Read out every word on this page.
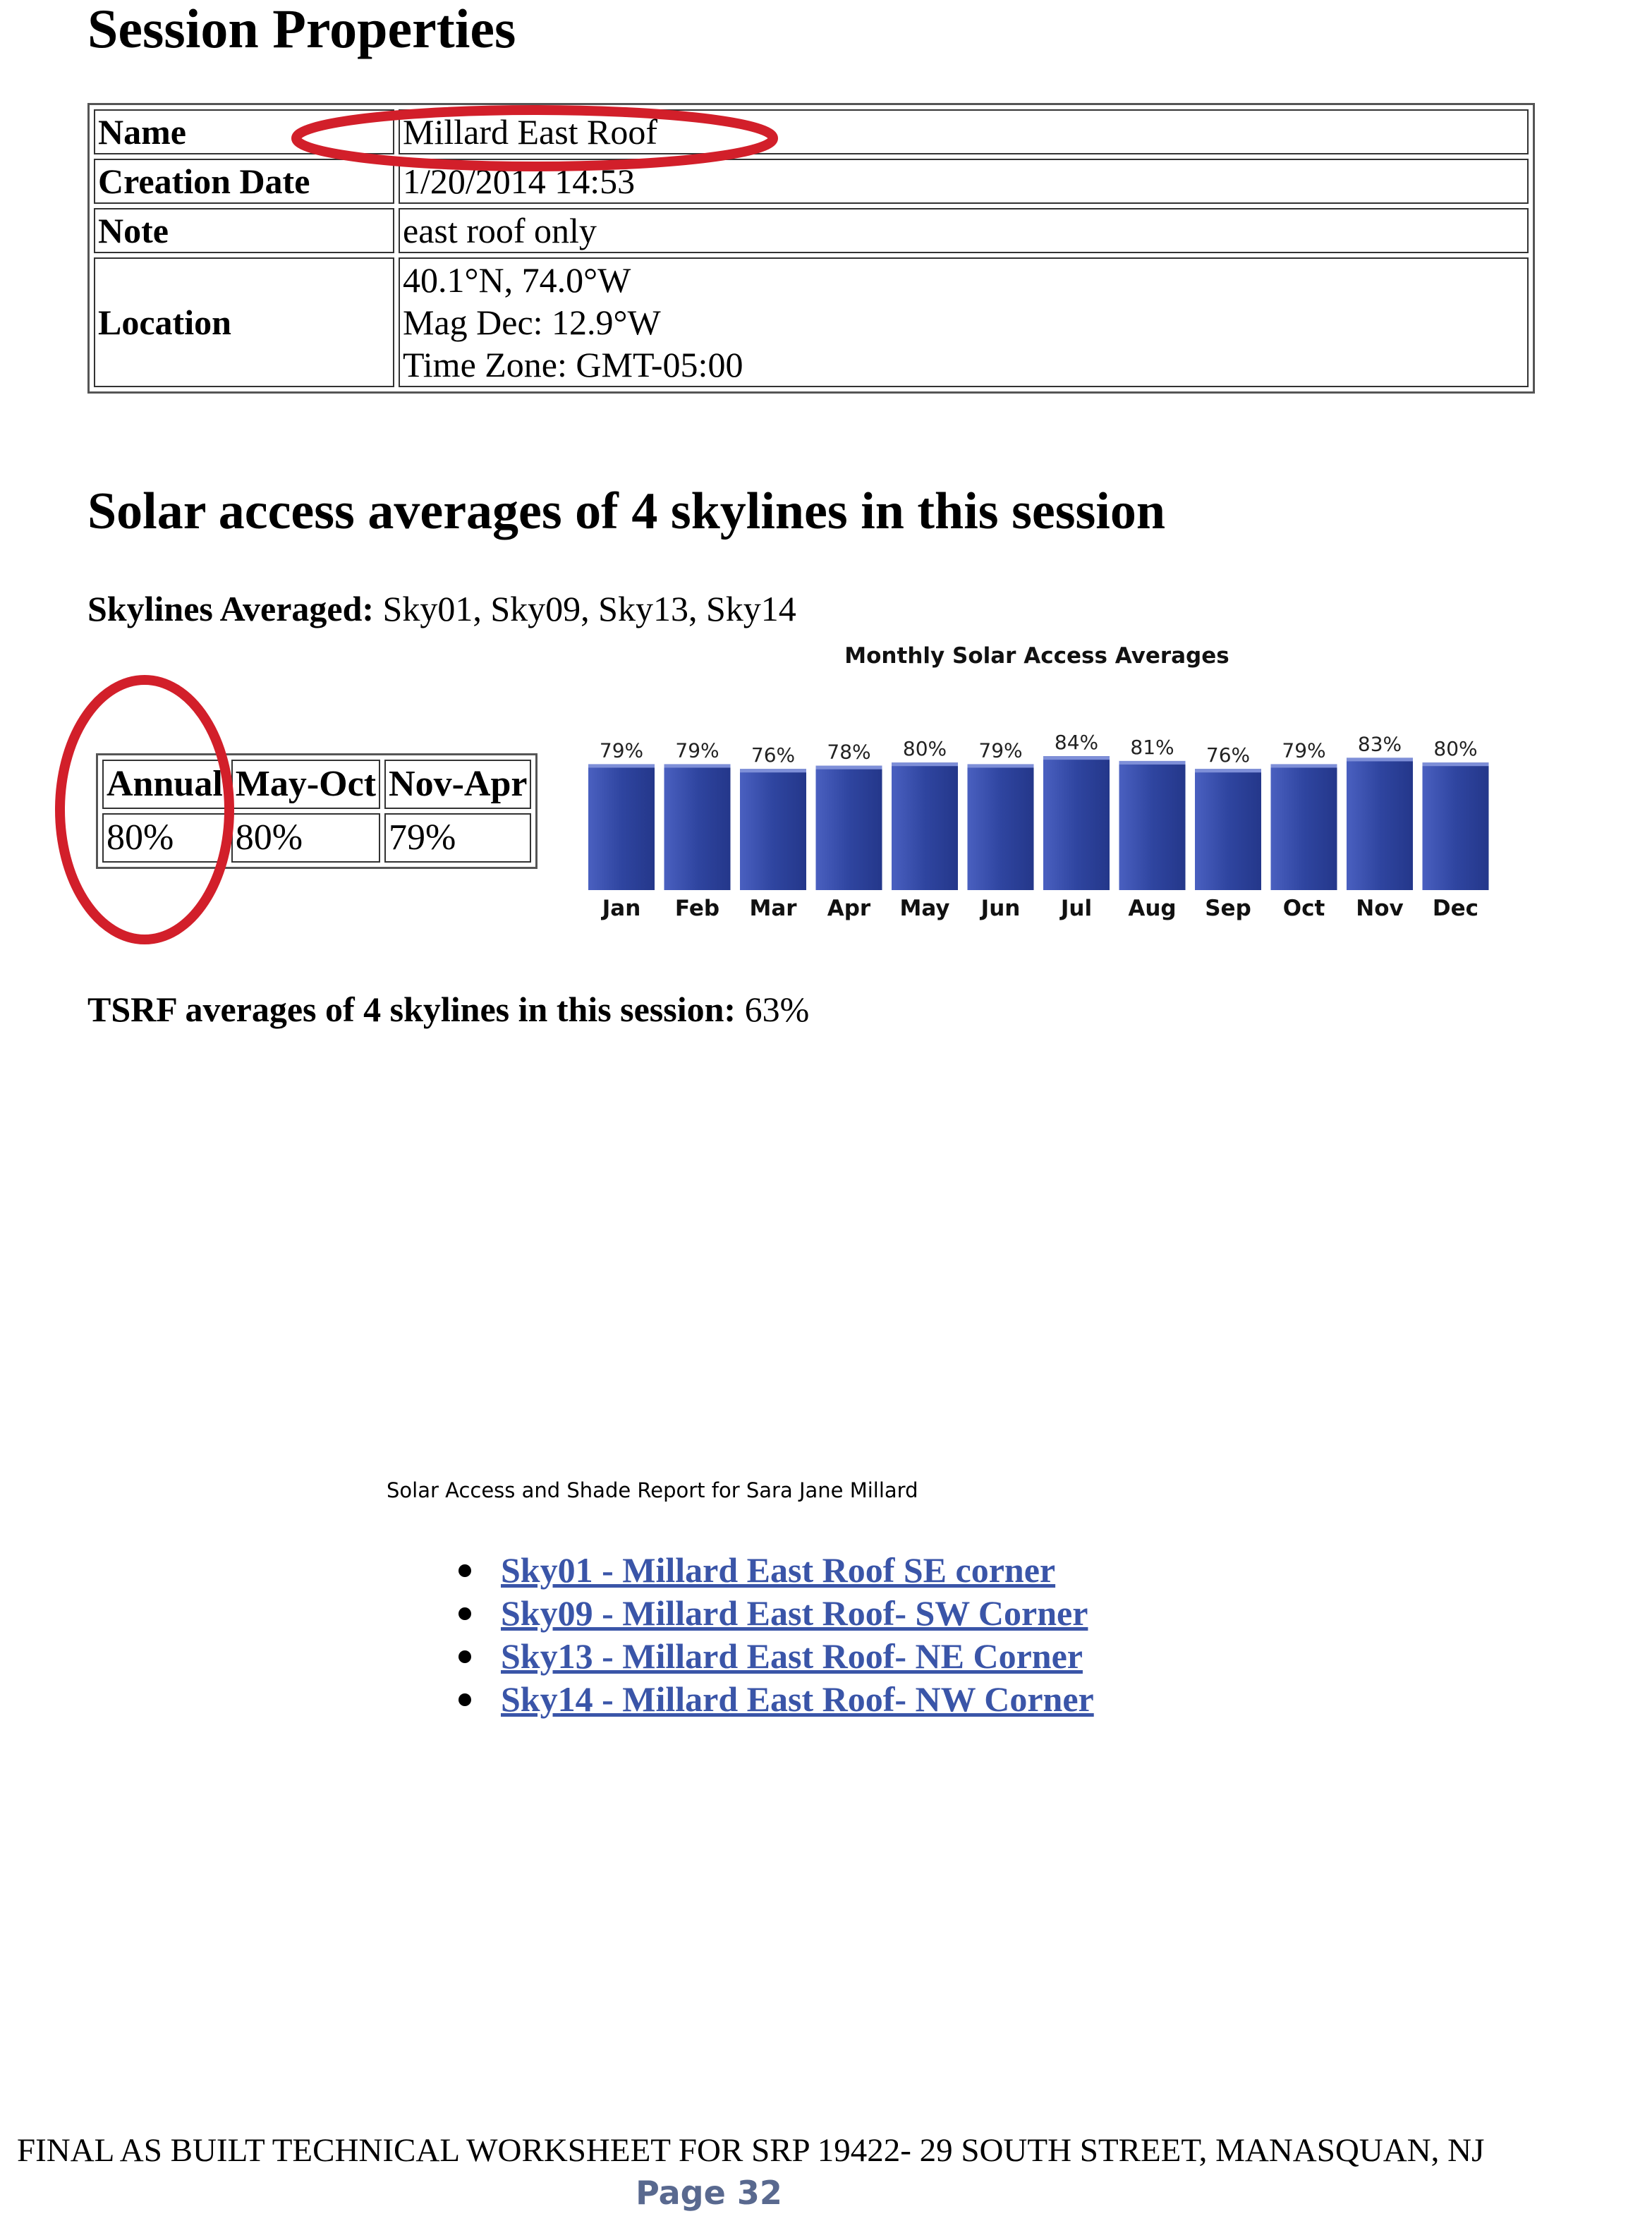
Session Properties
Name	Millard East Roof
Creation Date	1/20/2014 14:53
Note	east roof only
Location	40.1°N, 74.0°W
Mag Dec: 12.9°W
Time Zone: GMT-05:00
Solar access averages of 4 skylines in this session
Skylines Averaged: Sky01, Sky09, Sky13, Sky14
Annual	May-Oct	Nov-Apr
80%	80%	79%
Monthly Solar Access Averages
79%
Jan
79%
Feb
76%
Mar
78%
Apr
80%
May
79%
Jun
84%
Jul
81%
Aug
76%
Sep
79%
Oct
83%
Nov
80%
Dec
TSRF averages of 4 skylines in this session: 63%
Solar Access and Shade Report for Sara Jane Millard
Sky01 - Millard East Roof SE corner
Sky09 - Millard East Roof- SW Corner
Sky13 - Millard East Roof- NE Corner
Sky14 - Millard East Roof- NW Corner
FINAL AS BUILT TECHNICAL WORKSHEET FOR SRP 19422- 29 SOUTH STREET, MANASQUAN, NJ
Page 32
